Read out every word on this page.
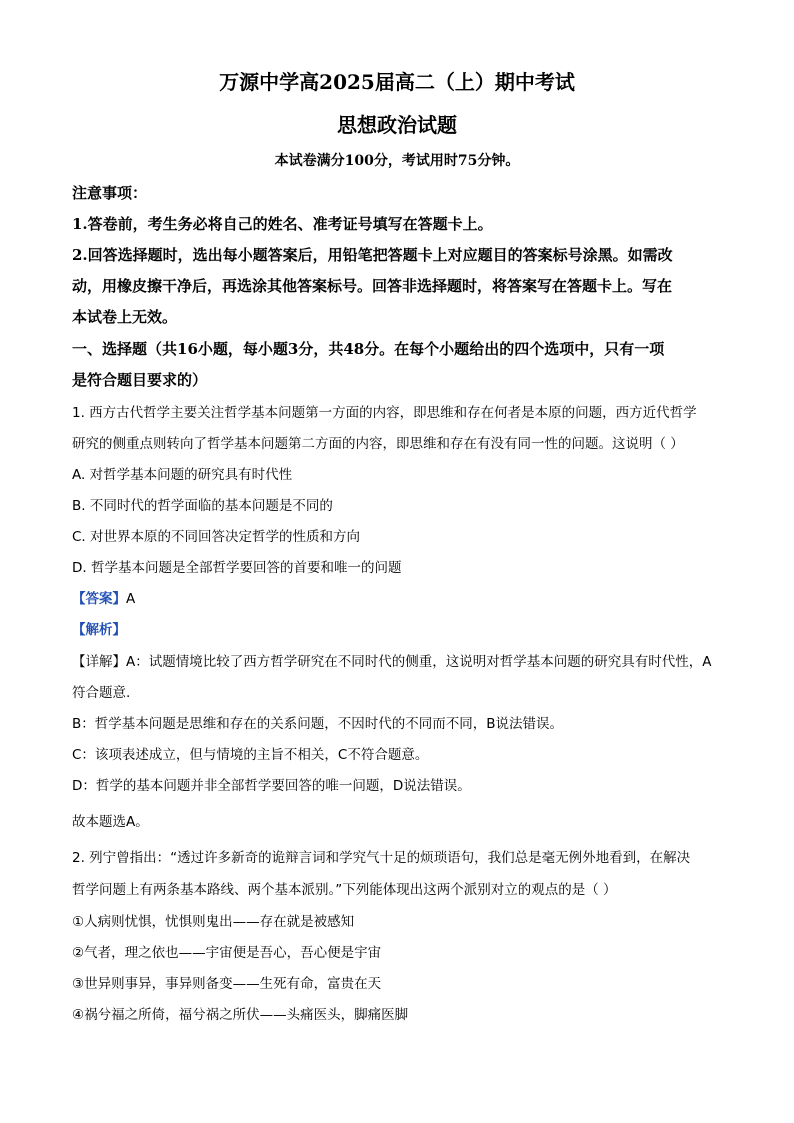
万源中学高2025届高二（上）期中考试
思想政治试题
本试卷满分100分，考试用时75分钟。
注意事项：
1.答卷前，考生务必将自己的姓名、准考证号填写在答题卡上。
2.回答选择题时，选出每小题答案后，用铅笔把答题卡上对应题目的答案标号涂黑。如需改
动，用橡皮擦干净后，再选涂其他答案标号。回答非选择题时，将答案写在答题卡上。写在
本试卷上无效。
一、选择题（共16小题，每小题3分，共48分。在每个小题给出的四个选项中，只有一项
是符合题目要求的）
1. 西方古代哲学主要关注哲学基本问题第一方面的内容，即思维和存在何者是本原的问题，西方近代哲学
研究的侧重点则转向了哲学基本问题第二方面的内容，即思维和存在有没有同一性的问题。这说明（ ）
A. 对哲学基本问题的研究具有时代性
B. 不同时代的哲学面临的基本问题是不同的
C. 对世界本原的不同回答决定哲学的性质和方向
D. 哲学基本问题是全部哲学要回答的首要和唯一的问题
【答案】A
【解析】
【详解】A：试题情境比较了西方哲学研究在不同时代的侧重，这说明对哲学基本问题的研究具有时代性，A
符合题意.
B：哲学基本问题是思维和存在的关系问题，不因时代的不同而不同，B说法错误。
C：该项表述成立，但与情境的主旨不相关，C不符合题意。
D：哲学的基本问题并非全部哲学要回答的唯一问题，D说法错误。
故本题选A。
2. 列宁曾指出：“透过许多新奇的诡辩言词和学究气十足的烦琐语句，我们总是毫无例外地看到，在解决
哲学问题上有两条基本路线、两个基本派别。”下列能体现出这两个派别对立的观点的是（ ）
①人病则忧惧，忧惧则鬼出——存在就是被感知
②气者，理之依也——宇宙便是吾心，吾心便是宇宙
③世异则事异，事异则备变——生死有命，富贵在天
④祸兮福之所倚，福兮祸之所伏——头痛医头，脚痛医脚
